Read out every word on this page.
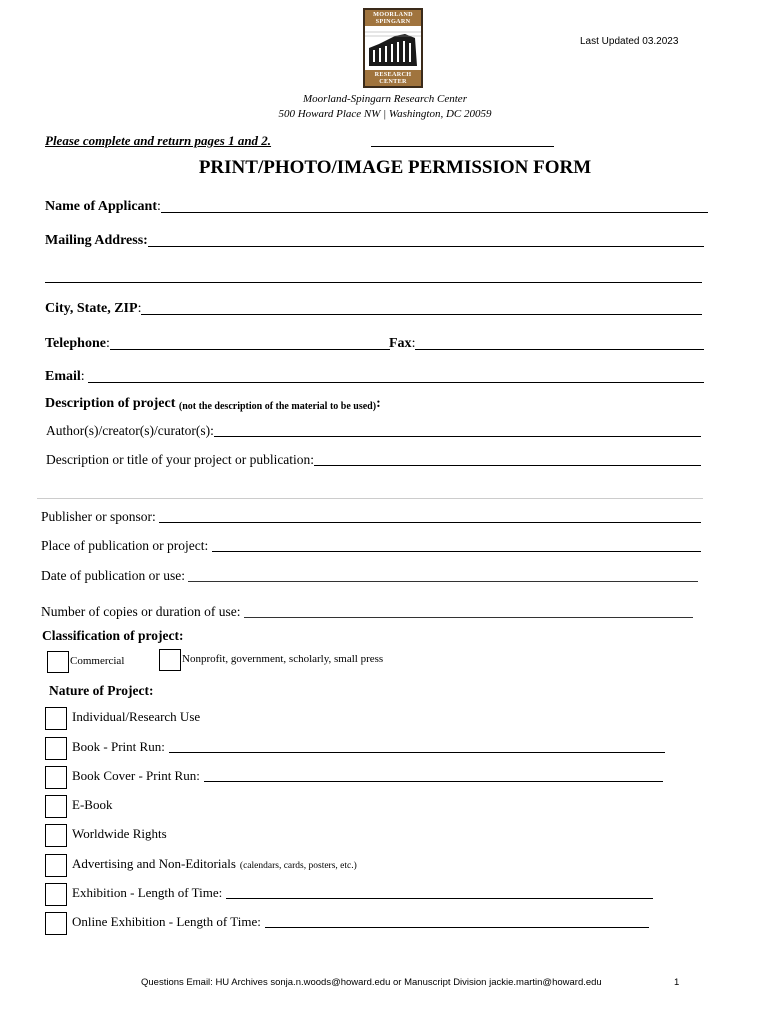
MOORLAND
SPINGARN
RESEARCH
CENTER
Last Updated 03.2023
Moorland-Spingarn Research Center
500 Howard Place NW | Washington, DC 20059
Please complete and return pages 1 and 2.
PRINT/PHOTO/IMAGE PERMISSION FORM
Name of Applicant :
Mailing Address:
City, State, ZIP :
Telephone :	Fax :
Email :
Description of project
(not the description of the material to be used) :
Author(s)/creator(s)/curator(s):
Description or title of your project or publication:
Publisher or sponsor:

Place of publication or project:

Date of publication or use:

Number of copies or duration of use:

Classification of project:
Commercial	Nonprofit, government, scholarly, small press
Nature of Project:
Individual/Research Use
Book - Print Run:
Book Cover - Print Run:
E-Book
Worldwide Rights
Advertising and Non-Editorials (calendars, cards, posters, etc.)
Exhibition - Length of Time:
Online Exhibition - Length of Time:
Questions Email: HU Archives sonja.n.woods@howard.edu or Manuscript Division jackie.martin@howard.edu	1
